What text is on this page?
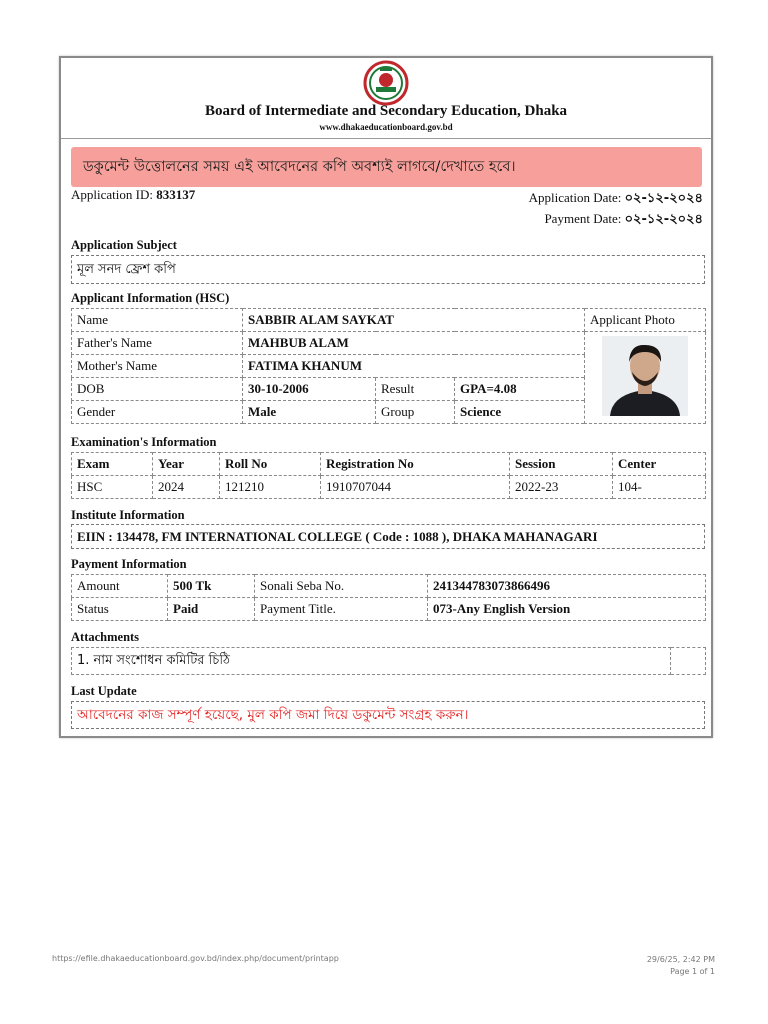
Board of Intermediate and Secondary Education, Dhaka
www.dhakaeducationboard.gov.bd
ডকুমেন্ট উত্তোলনের সময় এই আবেদনের কপি অবশ্যই লাগবে/দেখাতে হবে।
Application ID: 833137	Application Date: ০২-১২-২০২৪
Payment Date: ০২-১২-২০২৪
Application Subject
মূল সনদ ফ্রেশ কপি
Applicant Information (HSC)
Name	SABBIR ALAM SAYKAT			Applicant Photo
Father's Name	MAHBUB ALAM	
Mother's Name	FATIMA KHANUM			
DOB	30-10-2006	Result	GPA=4.08	
Gender	Male	Group	Science	
Examination's Information
Exam	Year	Roll No	Registration No	Session	Center
HSC	2024	121210	1910707044	2022-23	104-
Institute Information
EIIN : 134478, FM INTERNATIONAL COLLEGE ( Code : 1088 ), DHAKA MAHANAGARI
Payment Information
Amount	500 Tk	Sonali Seba No.	241344783073866496
Status	Paid	Payment Title.	073-Any English Version
Attachments
1. নাম সংশোধন কমিটির চিঠি	
Last Update
আবেদনের কাজ সম্পূর্ণ হয়েছে, মুল কপি জমা দিয়ে ডকুমেন্ট সংগ্রহ করুন।
https://efile.dhakaeducationboard.gov.bd/index.php/document/printapp	29/6/25, 2:42 PM
Page 1 of 1
